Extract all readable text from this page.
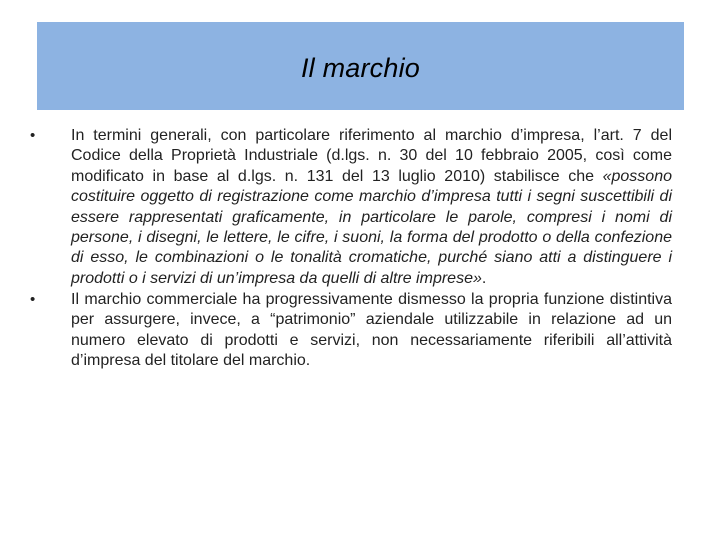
Il marchio
•	In termini generali, con particolare riferimento al marchio d’impresa, l’art. 7 del Codice della Proprietà Industriale (d.lgs. n. 30 del 10 febbraio 2005, così come modificato in base al d.lgs. n. 131 del 13 luglio 2010) stabilisce che «possono costituire oggetto di registrazione come marchio d’impresa tutti i segni suscettibili di essere rappresentati graficamente, in particolare le parole, compresi i nomi di persone, i disegni, le lettere, le cifre, i suoni, la forma del prodotto o della confezione di esso, le combinazioni o le tonalità cromatiche, purché siano atti a distinguere i prodotti o i servizi di un’impresa da quelli di altre imprese».
•	Il marchio commerciale ha progressivamente dismesso la propria funzione distintiva per assurgere, invece, a “patrimonio” aziendale utilizzabile in relazione ad un numero elevato di prodotti e servizi, non necessariamente riferibili all’attività d’impresa del titolare del marchio.
